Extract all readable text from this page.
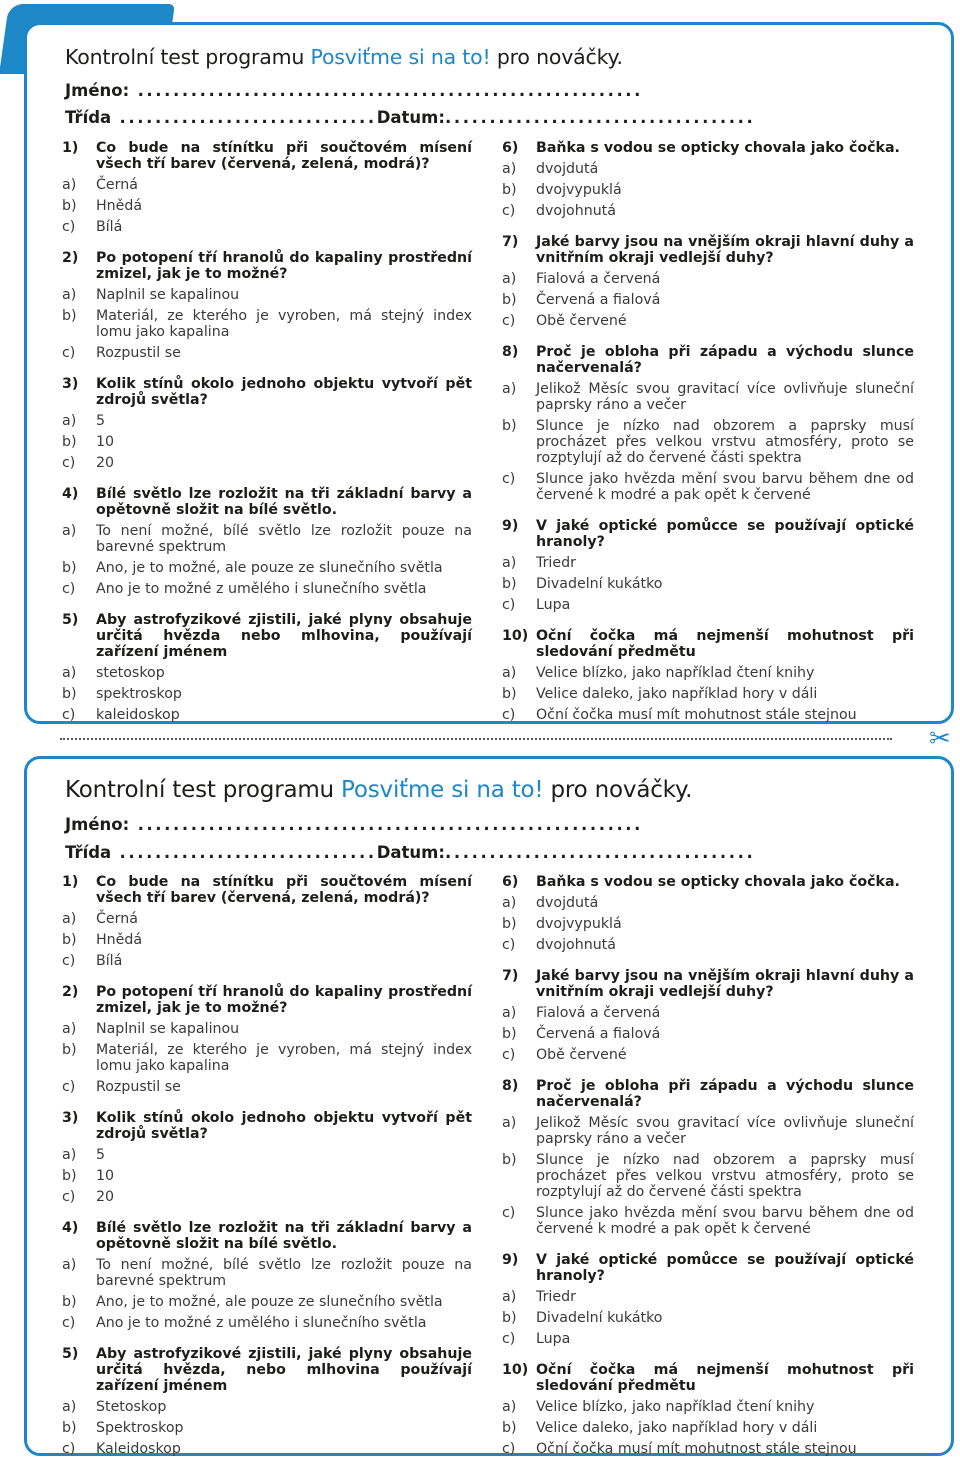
Kontrolní test programu Posviťme si na to! pro nováčky.
Jméno: .........................................................
Třída .............................Datum:...................................
1)	Co bude na stínítku při součtovém mísení všech tří barev (červená, zelená, modrá)?
a)	Černá
b)	Hnědá
c)	Bílá
2)	Po potopení tří hranolů do kapaliny prostřední zmizel, jak je to možné?
a)	Naplnil se kapalinou
b)	Materiál, ze kterého je vyroben, má stejný index lomu jako kapalina
c)	Rozpustil se
3)	Kolik stínů okolo jednoho objektu vytvoří pět zdrojů světla?
a)	5
b)	10
c)	20
4)	Bílé světlo lze rozložit na tři základní barvy a opětovně složit na bílé světlo.
a)	To není možné, bílé světlo lze rozložit pouze na barevné spektrum
b)	Ano, je to možné, ale pouze ze slunečního světla
c)	Ano je to možné z umělého i slunečního světla
5)	Aby astrofyzikové zjistili, jaké plyny obsahuje určitá hvězda nebo mlhovina, používají zařízení jménem
a)	stetoskop
b)	spektroskop
c)	kaleidoskop
6)	Baňka s vodou se opticky chovala jako čočka.
a)	dvojdutá
b)	dvojvypuklá
c)	dvojohnutá
7)	Jaké barvy jsou na vnějším okraji hlavní duhy a vnitřním okraji vedlejší duhy?
a)	Fialová a červená
b)	Červená a fialová
c)	Obě červené
8)	Proč je obloha při západu a východu slunce načervenalá?
a)	Jelikož Měsíc svou gravitací více ovlivňuje sluneční paprsky ráno a večer
b)	Slunce je nízko nad obzorem a paprsky musí procházet přes velkou vrstvu atmosféry, proto se rozptylují až do červené části spektra
c)	Slunce jako hvězda mění svou barvu během dne od červené k modré a pak opět k červené
9)	V jaké optické pomůcce se používají optické hranoly?
a)	Triedr
b)	Divadelní kukátko
c)	Lupa
10) Oční čočka má nejmenší mohutnost při sledování předmětu
a)	Velice blízko, jako například čtení knihy
b)	Velice daleko, jako například hory v dáli
c)	Oční čočka musí mít mohutnost stále stejnou
✂
Kontrolní test programu Posviťme si na to! pro nováčky.
Jméno: .........................................................
Třída .............................Datum:...................................
1)	Co bude na stínítku při součtovém mísení všech tří barev (červená, zelená, modrá)?
a)	Černá
b)	Hnědá
c)	Bílá
2)	Po potopení tří hranolů do kapaliny prostřední zmizel, jak je to možné?
a)	Naplnil se kapalinou
b)	Materiál, ze kterého je vyroben, má stejný index lomu jako kapalina
c)	Rozpustil se
3)	Kolik stínů okolo jednoho objektu vytvoří pět zdrojů světla?
a)	5
b)	10
c)	20
4)	Bílé světlo lze rozložit na tři základní barvy a opětovně složit na bílé světlo.
a)	To není možné, bílé světlo lze rozložit pouze na barevné spektrum
b)	Ano, je to možné, ale pouze ze slunečního světla
c)	Ano je to možné z umělého i slunečního světla
5)	Aby astrofyzikové zjistili, jaké plyny obsahuje určitá hvězda, nebo mlhovina používají zařízení jménem
a)	Stetoskop
b)	Spektroskop
c)	Kaleidoskop
6)	Baňka s vodou se opticky chovala jako čočka.
a)	dvojdutá
b)	dvojvypuklá
c)	dvojohnutá
7)	Jaké barvy jsou na vnějším okraji hlavní duhy a vnitřním okraji vedlejší duhy?
a)	Fialová a červená
b)	Červená a fialová
c)	Obě červené
8)	Proč je obloha při západu a východu slunce načervenalá?
a)	Jelikož Měsíc svou gravitací více ovlivňuje sluneční paprsky ráno a večer
b)	Slunce je nízko nad obzorem a paprsky musí procházet přes velkou vrstvu atmosféry, proto se rozptylují až do červené části spektra
c)	Slunce jako hvězda mění svou barvu během dne od červené k modré a pak opět k červené
9)	V jaké optické pomůcce se používají optické hranoly?
a)	Triedr
b)	Divadelní kukátko
c)	Lupa
10) Oční čočka má nejmenší mohutnost při sledování předmětu
a)	Velice blízko, jako například čtení knihy
b)	Velice daleko, jako například hory v dáli
c)	Oční čočka musí mít mohutnost stále stejnou
